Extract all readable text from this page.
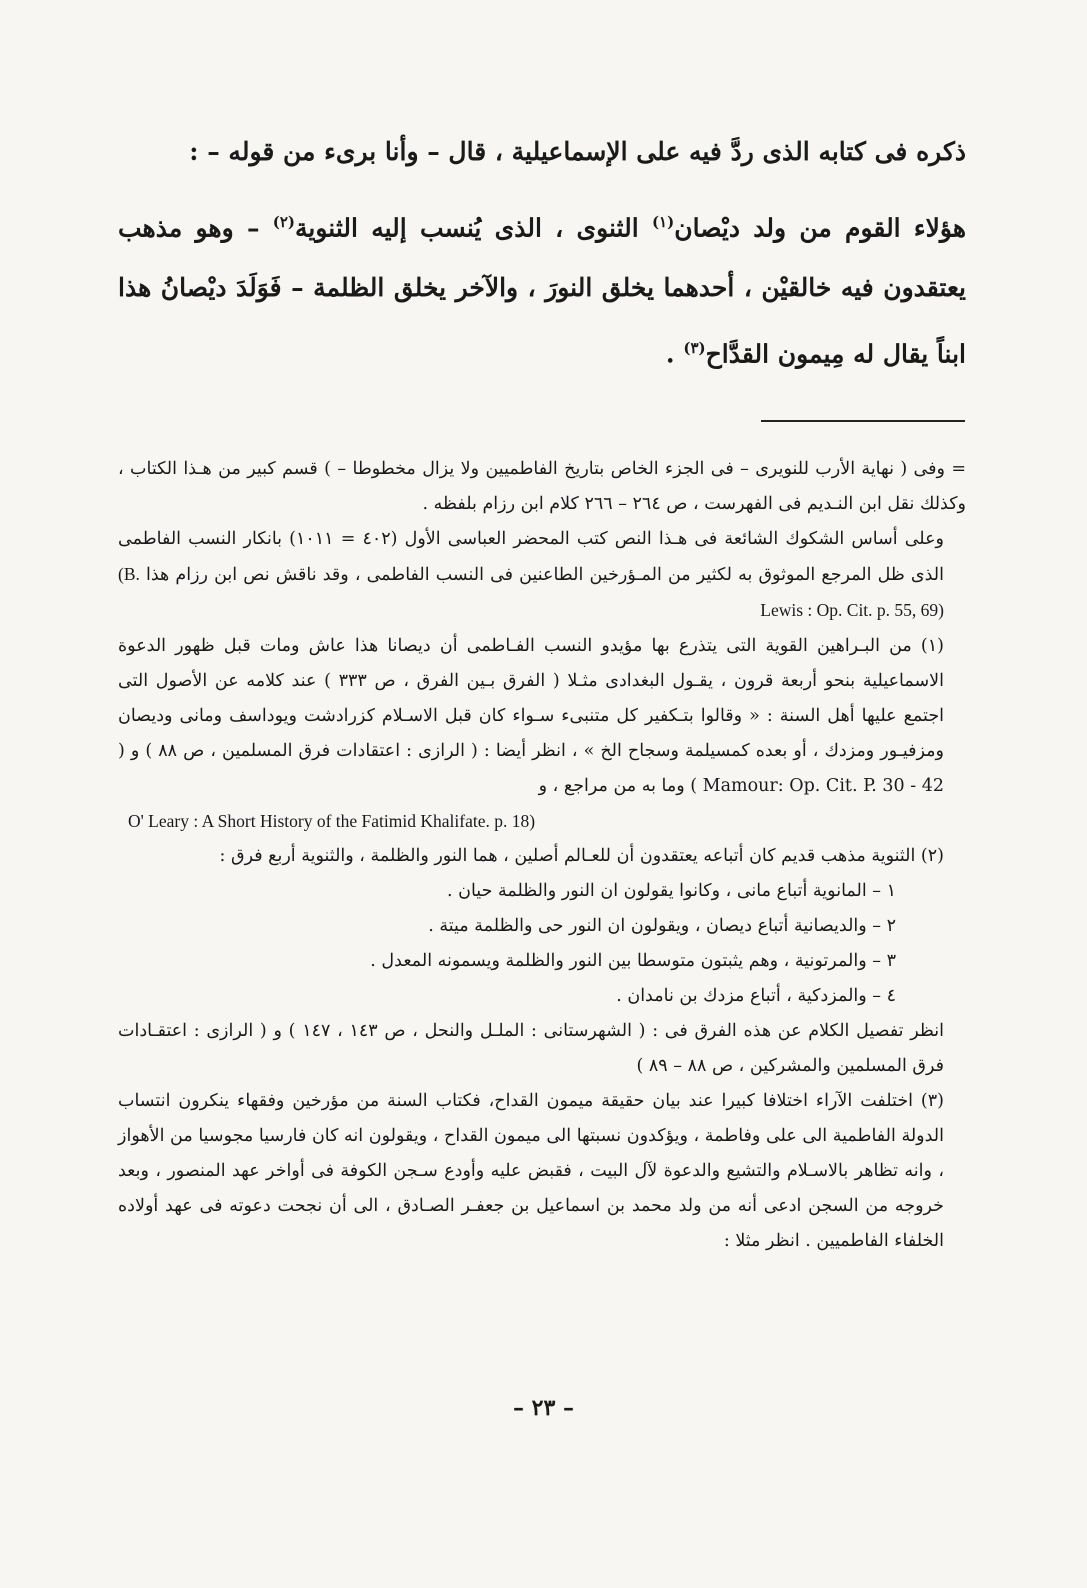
ذكره فى كتابه الذى ردَّ فيه على الإسماعيلية ، قال – وأنا برىء من قوله – :

هؤلاء القوم من ولد ديْصان$^{(١)}$ الثنوى ، الذى يُنسب إليه الثنوية$^{(٢)}$ – وهو مذهب يعتقدون فيه خالقيْن ، أحدهما يخلق النورَ ، والآخر يخلق الظلمة – فَوَلَدَ ديْصانُ هذا ابناً يقال له مِيمون القدَّاح$^{(٣)}$ .

= وفى ( نهاية الأرب للنويرى – فى الجزء الخاص بتاريخ الفاطميين ولا يزال مخطوطا – ) قسم كبير من هـذا الكتاب ، وكذلك نقل ابن النـديم فى الفهرست ، ص ٢٦٤ – ٢٦٦ كلام ابن رزام بلفظه .

وعلى أساس الشكوك الشائعة فى هـذا النص كتب المحضر العباسى الأول (٤٠٢ = ١٠١١) بانكار النسب الفاطمى الذى ظل المرجع الموثوق به لكثير من المـؤرخين الطاعنين فى النسب الفاطمى ، وقد ناقش نص ابن رزام هذا (B. Lewis : Op. Cit. p. 55, 69)

(١) من البـراهين القوية التى يتذرع بها مؤيدو النسب الفـاطمى أن ديصانا هذا عاش ومات قبل ظهور الدعوة الاسماعيلية بنحو أربعة قرون ، يقـول البغدادى مثـلا ( الفرق بـين الفرق ، ص ٣٣٣ ) عند كلامه عن الأصول التى اجتمع عليها أهل السنة : « وقالوا بتـكفير كل متنبىء سـواء كان قبل الاسـلام كزرادشت ويوداسف ومانى وديصان ومزفيـور ومزدك ، أو بعده كمسيلمة وسجاح الخ » ، انظر أيضا : ( الرازى : اعتقادات فرق المسلمين ، ص ٨٨ ) و ( Mamour: Op. Cit. P. 30 - 42 ) وما به من مراجع ، و

O' Leary : A Short History of the Fatimid Khalifate. p. 18)

(٢) الثنوية مذهب قديم كان أتباعه يعتقدون أن للعـالم أصلين ، هما النور والظلمة ، والثنوية أربع فرق :

١ – المانوية أتباع مانى ، وكانوا يقولون ان النور والظلمة حيان .

٢ – والديصانية أتباع ديصان ، ويقولون ان النور حى والظلمة ميتة .

٣ – والمرتونية ، وهم يثبتون متوسطا بين النور والظلمة ويسمونه المعدل .

٤ – والمزدكية ، أتباع مزدك بن نامدان .

انظر تفصيل الكلام عن هذه الفرق فى : ( الشهرستانى : الملـل والنحل ، ص ١٤٣ ، ١٤٧ ) و ( الرازى : اعتقـادات فرق المسلمين والمشركين ، ص ٨٨ – ٨٩ )

(٣) اختلفت الآراء اختلافا كبيرا عند بيان حقيقة ميمون القداح، فكتاب السنة من مؤرخين وفقهاء ينكرون انتساب الدولة الفاطمية الى على وفاطمة ، ويؤكدون نسبتها الى ميمون القداح ، ويقولون انه كان فارسيا مجوسيا من الأهواز ، وانه تظاهر بالاسـلام والتشيع والدعوة لآل البيت ، فقبض عليه وأودع سـجن الكوفة فى أواخر عهد المنصور ، وبعد خروجه من السجن ادعى أنه من ولد محمد بن اسماعيل بن جعفـر الصـادق ، الى أن نجحت دعوته فى عهد أولاده الخلفاء الفاطميين . انظر مثلا :

– ٢٣ –
